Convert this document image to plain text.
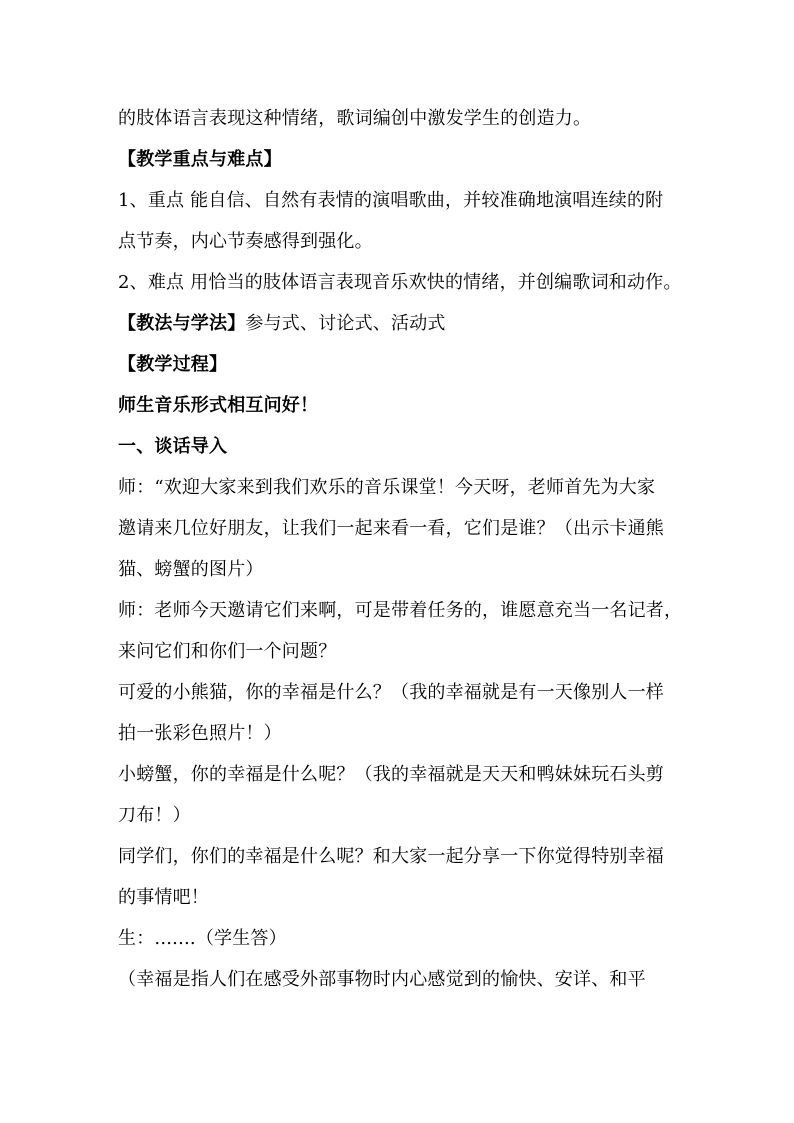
的肢体语言表现这种情绪，歌词编创中激发学生的创造力。
【教学重点与难点】
1、重点 能自信、自然有表情的演唱歌曲，并较准确地演唱连续的附
点节奏，内心节奏感得到强化。
2、难点 用恰当的肢体语言表现音乐欢快的情绪，并创编歌词和动作。
【教法与学法】参与式、讨论式、活动式
【教学过程】
师生音乐形式相互问好！
一、谈话导入
师：“欢迎大家来到我们欢乐的音乐课堂！今天呀，老师首先为大家
邀请来几位好朋友，让我们一起来看一看，它们是谁？（出示卡通熊
猫、螃蟹的图片）
师：老师今天邀请它们来啊，可是带着任务的，谁愿意充当一名记者，
来问它们和你们一个问题？
可爱的小熊猫，你的幸福是什么？（我的幸福就是有一天像别人一样
拍一张彩色照片！）
小螃蟹，你的幸福是什么呢？（我的幸福就是天天和鸭妹妹玩石头剪
刀布！）
同学们，你们的幸福是什么呢？和大家一起分享一下你觉得特别幸福
的事情吧！
生：.......（学生答）
（幸福是指人们在感受外部事物时内心感觉到的愉快、安详、和平
